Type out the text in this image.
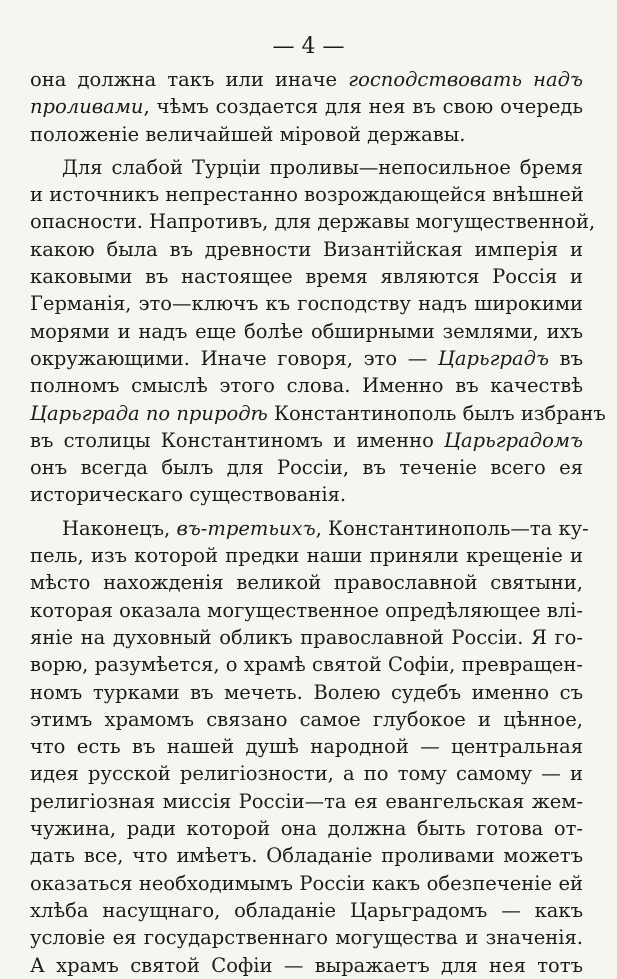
— 4 —
она должна такъ или иначе господствовать надъ
проливами, чѣмъ создается для нея въ свою очередь
положеніе величайшей міровой державы.
Для слабой Турціи проливы—непосильное бремя
и источникъ непрестанно возрождающейся внѣшней
опасности. Напротивъ, для державы могущественной,
какою была въ древности Византійская имперія и
каковыми въ настоящее время являются Россія и
Германія, это—ключъ къ господству надъ широкими
морями и надъ еще болѣе обширными землями, ихъ
окружающими. Иначе говоря, это — Царьградъ въ
полномъ смыслѣ этого слова. Именно въ качествѣ
Царьграда по природѣ Константинополь былъ избранъ
въ столицы Константиномъ и именно Царьградомъ
онъ всегда былъ для Россіи, въ теченіе всего ея
историческаго существованія.
Наконецъ, въ-третьихъ, Константинополь—та ку-
пель, изъ которой предки наши приняли крещеніе и
мѣсто нахожденія великой православной святыни,
которая оказала могущественное опредѣляющее влі-
яніе на духовный обликъ православной Россіи. Я го-
ворю, разумѣется, о храмѣ святой Софіи, превращен-
номъ турками въ мечеть. Волею судебъ именно съ
этимъ храмомъ связано самое глубокое и цѣнное,
что есть въ нашей душѣ народной — центральная
идея русской религіозности, а по тому самому — и
религіозная миссія Россіи—та ея евангельская жем-
чужина, ради которой она должна быть готова от-
дать все, что имѣетъ. Обладаніе проливами можетъ
оказаться необходимымъ Россіи какъ обезпеченіе ей
хлѣба насущнаго, обладаніе Царьградомъ — какъ
условіе ея государственнаго могущества и значенія.
А храмъ святой Софіи — выражаетъ для нея тотъ
